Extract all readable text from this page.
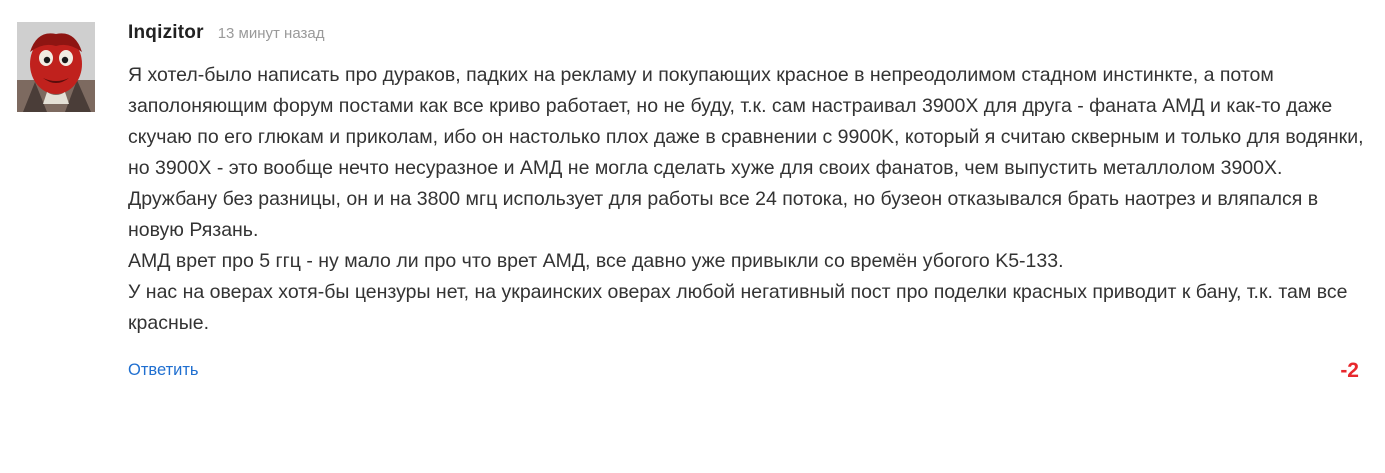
Inqizitor 13 минут назад

Я хотел-было написать про дураков, падких на рекламу и покупающих красное в непреодолимом стадном инстинкте, а потом заполоняющим форум постами как все криво работает, но не буду, т.к. сам настраивал 3900X для друга - фаната АМД и как-то даже скучаю по его глюкам и приколам, ибо он настолько плох даже в сравнении с 9900K, который я считаю скверным и только для водянки, но 3900X - это вообще нечто несуразное и АМД не могла сделать хуже для своих фанатов, чем выпустить металлолом 3900X.

Дружбану без разницы, он и на 3800 мгц использует для работы все 24 потока, но бузеон отказывался брать наотрез и вляпался в новую Рязань.

АМД врет про 5 ггц - ну мало ли про что врет АМД, все давно уже привыкли со времён убогого K5-133.

У нас на оверах хотя-бы цензуры нет, на украинских оверах любой негативный пост про поделки красных приводит к бану, т.к. там все красные.

Ответить	-2
